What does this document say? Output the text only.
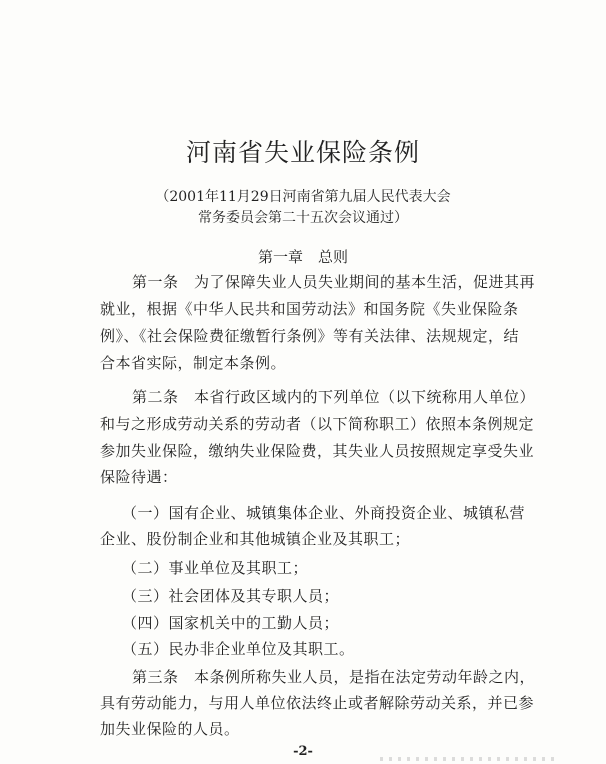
河南省失业保险条例
（2001年11月29日河南省第九届人民代表大会
常务委员会第二十五次会议通过）
第一章　总则
第一条　为了保障失业人员失业期间的基本生活，促进其再
就业，根据《中华人民共和国劳动法》和国务院《失业保险条
例》、《社会保险费征缴暂行条例》等有关法律、法规规定，结
合本省实际，制定本条例。
第二条　本省行政区域内的下列单位（以下统称用人单位）
和与之形成劳动关系的劳动者（以下简称职工）依照本条例规定
参加失业保险，缴纳失业保险费，其失业人员按照规定享受失业
保险待遇：
（一）国有企业、城镇集体企业、外商投资企业、城镇私营
企业、股份制企业和其他城镇企业及其职工；
（二）事业单位及其职工；
（三）社会团体及其专职人员；
（四）国家机关中的工勤人员；
（五）民办非企业单位及其职工。
第三条　本条例所称失业人员，是指在法定劳动年龄之内，
具有劳动能力，与用人单位依法终止或者解除劳动关系，并已参
加失业保险的人员。
-2-
